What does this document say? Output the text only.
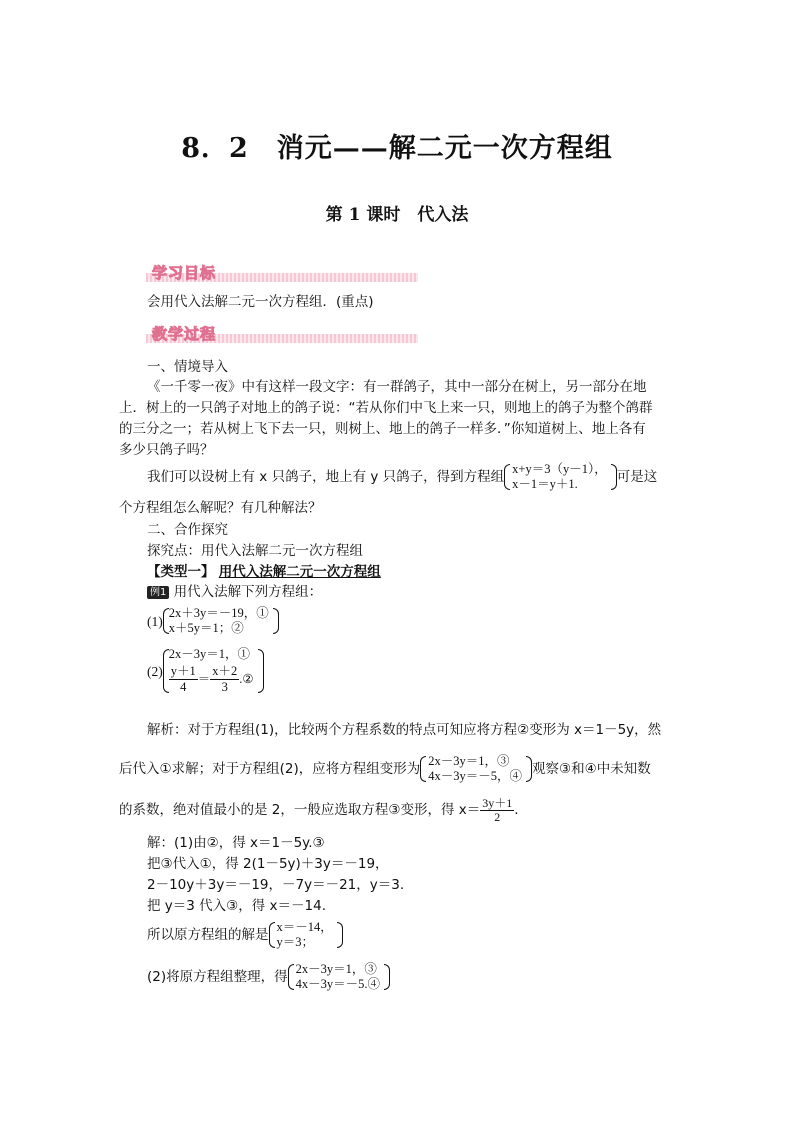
8．2　消元——解二元一次方程组
第 1 课时　代入法
学习目标
会用代入法解二元一次方程组．(重点)
教学过程
一、情境导入
《一千零一夜》中有这样一段文字：有一群鸽子，其中一部分在树上，另一部分在地
上．树上的一只鸽子对地上的鸽子说：“若从你们中飞上来一只，则地上的鸽子为整个鸽群
的三分之一；若从树上飞下去一只，则树上、地上的鸽子一样多．”你知道树上、地上各有
多少只鸽子吗？
我们可以设树上有 x 只鸽子，地上有 y 只鸽子，得到方程组 x+y＝3（y－1），
x－1＝y＋1.	可是这
个方程组怎么解呢？有几种解法？
二、合作探究
探究点：用代入法解二元一次方程组
【类型一】 用代入法解二元一次方程组
例1 用代入法解下列方程组：
(1)
2x＋3y＝－19，①
x＋5y＝1；②
(2)
2x－3y＝1，①
$\frac{y+1}{4} = \frac{x+2}{3}$ .②
解析：对于方程组(1)，比较两个方程系数的特点可知应将方程②变形为 x＝1－5y，然
后代入①求解；对于方程组(2)，应将方程组变形为 2x－3y＝1，③
4x－3y＝－5，④ 观察③和④中未知数
的系数，绝对值最小的是 2，一般应选取方程③变形，得 $x= \frac{3y+1}{2}$ .
解：(1)由②，得 x＝1－5y.③
把③代入①，得 2(1－5y)＋3y＝－19，
2－10y＋3y＝－19，－7y＝－21，y＝3.
把 y＝3 代入③，得 x＝－14.
所以原方程组的解是 x＝－14，
y＝3；
(2)将原方程组整理，得 2x－3y＝1，③
4x－3y＝－5.④
